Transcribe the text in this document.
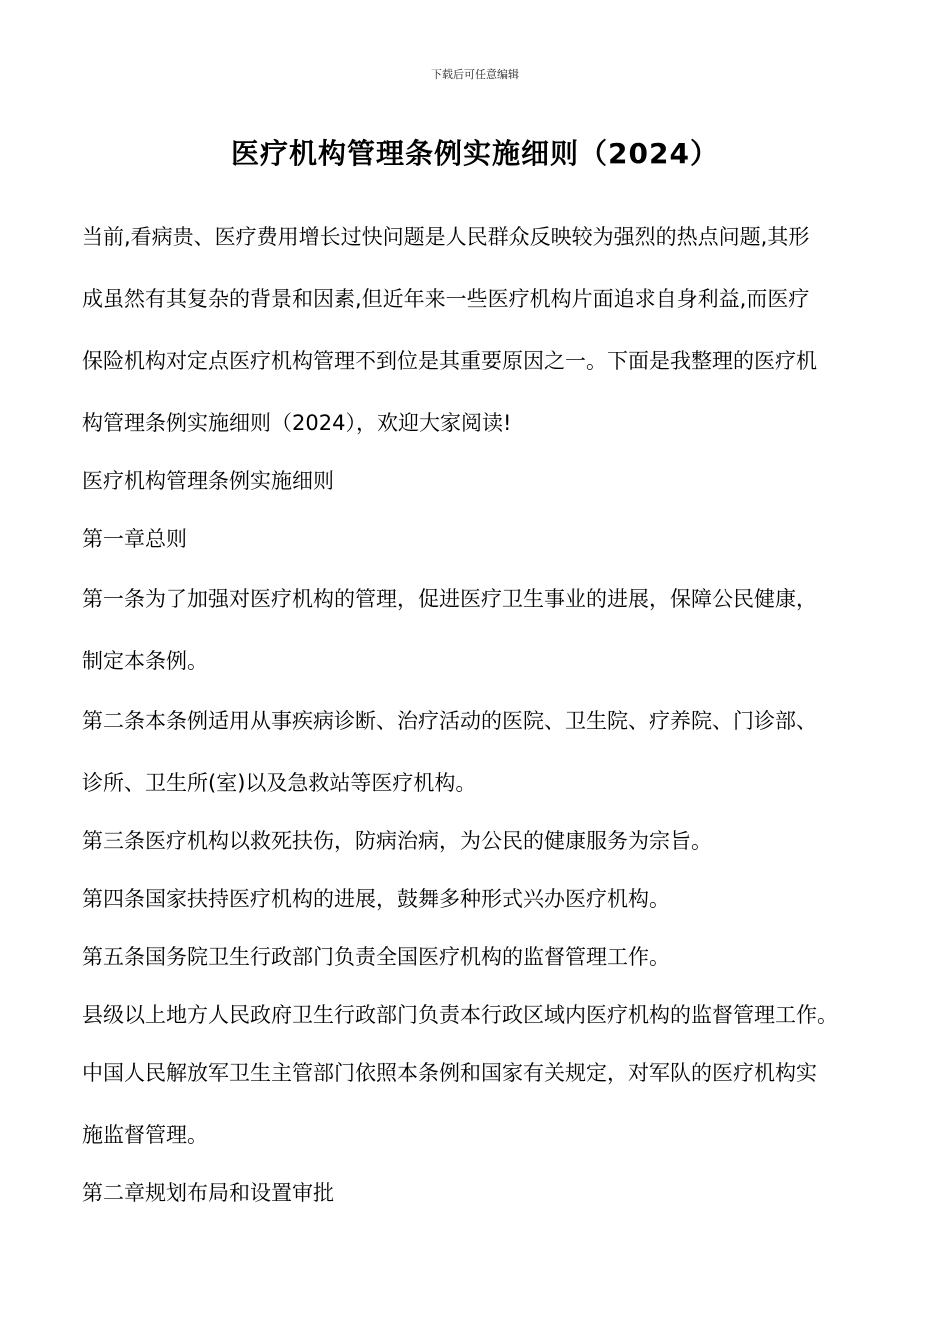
下载后可任意编辑
医疗机构管理条例实施细则（2024）
当前,看病贵、医疗费用增长过快问题是人民群众反映较为强烈的热点问题,其形
成虽然有其复杂的背景和因素,但近年来一些医疗机构片面追求自身利益,而医疗
保险机构对定点医疗机构管理不到位是其重要原因之一。下面是我整理的医疗机
构管理条例实施细则（2024），欢迎大家阅读!
医疗机构管理条例实施细则
第一章总则
第一条为了加强对医疗机构的管理，促进医疗卫生事业的进展，保障公民健康，
制定本条例。
第二条本条例适用从事疾病诊断、治疗活动的医院、卫生院、疗养院、门诊部、
诊所、卫生所(室)以及急救站等医疗机构。
第三条医疗机构以救死扶伤，防病治病，为公民的健康服务为宗旨。
第四条国家扶持医疗机构的进展，鼓舞多种形式兴办医疗机构。
第五条国务院卫生行政部门负责全国医疗机构的监督管理工作。
县级以上地方人民政府卫生行政部门负责本行政区域内医疗机构的监督管理工作。
中国人民解放军卫生主管部门依照本条例和国家有关规定，对军队的医疗机构实
施监督管理。
第二章规划布局和设置审批
